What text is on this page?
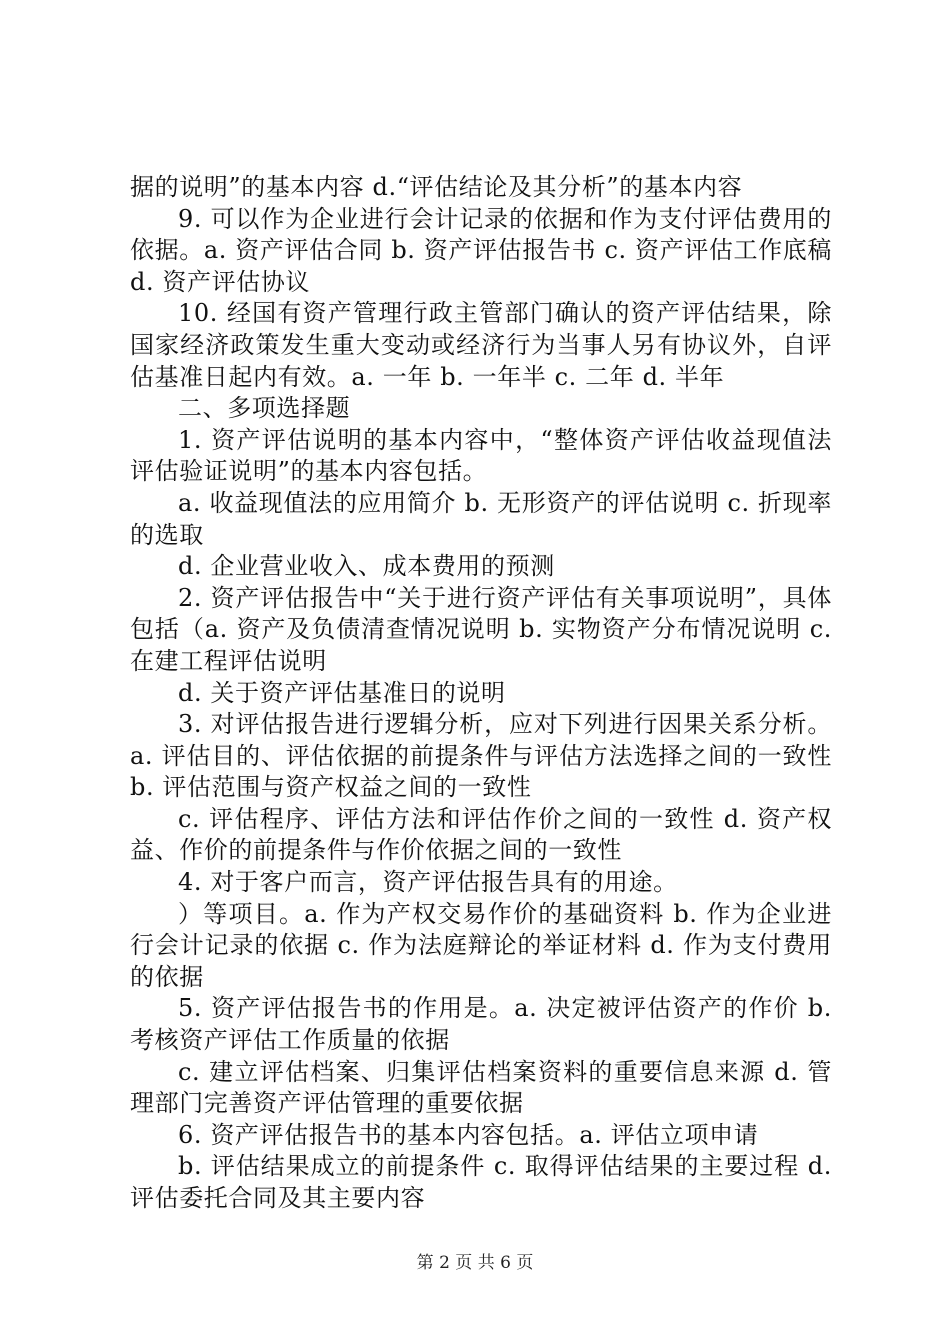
据的说明”的基本内容 d.“评估结论及其分析”的基本内容

9. 可以作为企业进行会计记录的依据和作为支付评估费用的依据。a. 资产评估合同 b. 资产评估报告书 c. 资产评估工作底稿 d. 资产评估协议

10. 经国有资产管理行政主管部门确认的资产评估结果，除国家经济政策发生重大变动或经济行为当事人另有协议外，自评估基准日起内有效。a. 一年 b. 一年半 c. 二年 d. 半年

二、多项选择题

1. 资产评估说明的基本内容中，“整体资产评估收益现值法评估验证说明”的基本内容包括。

a. 收益现值法的应用简介 b. 无形资产的评估说明 c. 折现率的选取

d. 企业营业收入、成本费用的预测

2. 资产评估报告中“关于进行资产评估有关事项说明”，具体包括（a. 资产及负债清查情况说明 b. 实物资产分布情况说明 c. 在建工程评估说明

d. 关于资产评估基准日的说明

3. 对评估报告进行逻辑分析，应对下列进行因果关系分析。a. 评估目的、评估依据的前提条件与评估方法选择之间的一致性 b. 评估范围与资产权益之间的一致性

c. 评估程序、评估方法和评估作价之间的一致性 d. 资产权益、作价的前提条件与作价依据之间的一致性

4. 对于客户而言，资产评估报告具有的用途。

）等项目。a. 作为产权交易作价的基础资料 b. 作为企业进行会计记录的依据 c. 作为法庭辩论的举证材料 d. 作为支付费用的依据

5. 资产评估报告书的作用是。a. 决定被评估资产的作价 b. 考核资产评估工作质量的依据

c. 建立评估档案、归集评估档案资料的重要信息来源 d. 管理部门完善资产评估管理的重要依据

6. 资产评估报告书的基本内容包括。a. 评估立项申请

b. 评估结果成立的前提条件 c. 取得评估结果的主要过程 d. 评估委托合同及其主要内容

第 2 页 共 6 页
